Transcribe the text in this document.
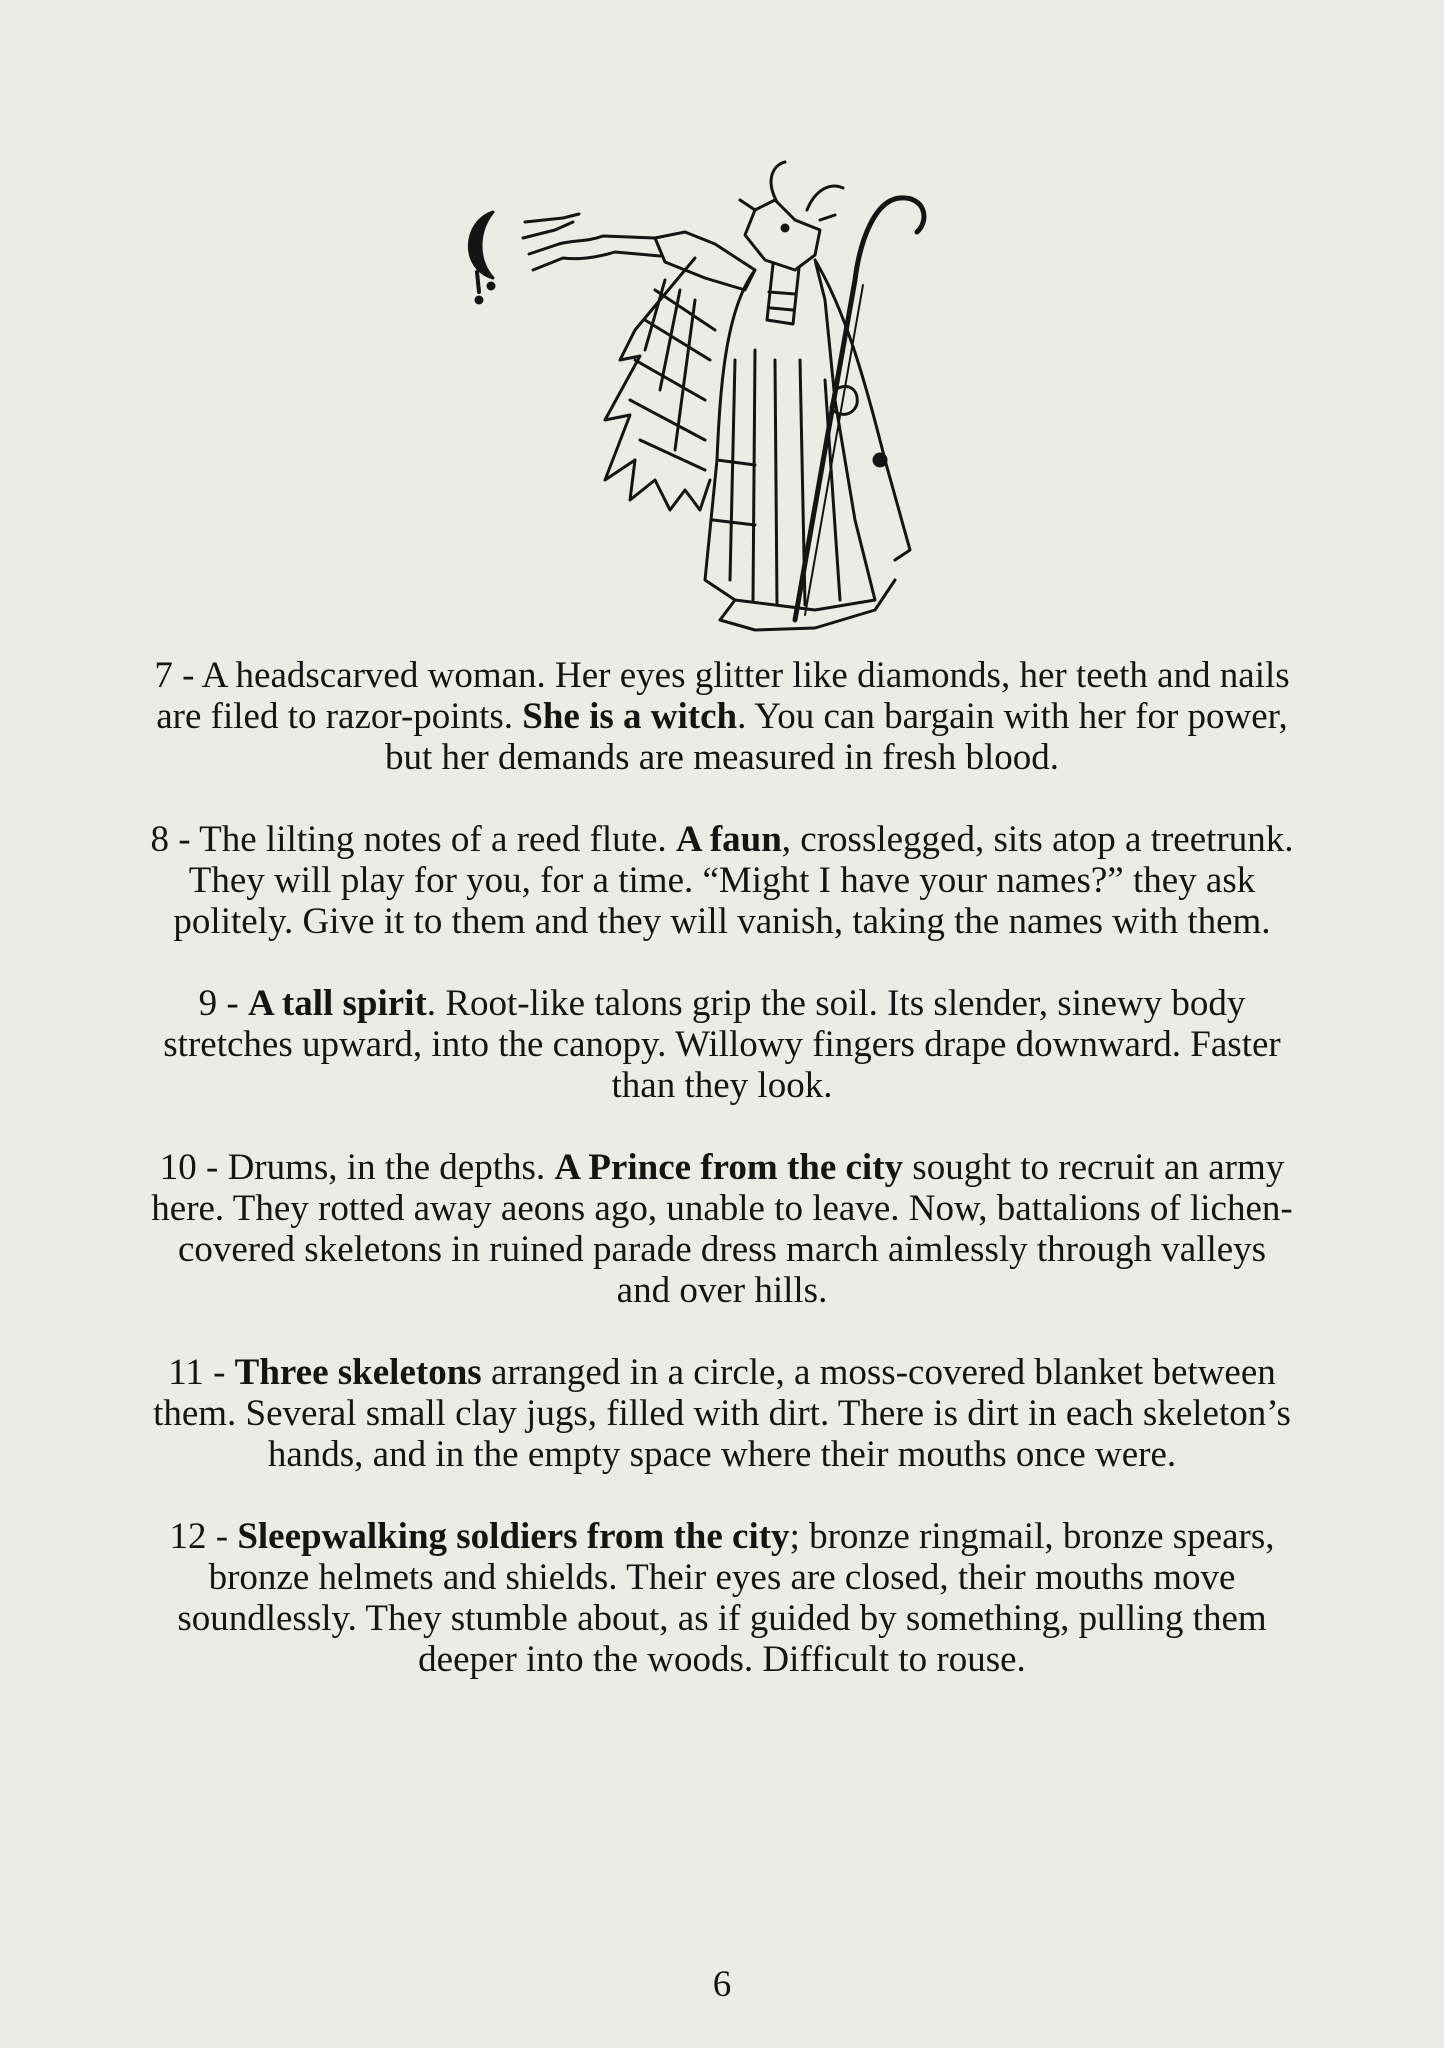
7 - A headscarved woman. Her eyes glitter like diamonds, her teeth and nails are filed to razor-points. She is a witch. You can bargain with her for power, but her demands are measured in fresh blood.

8 - The lilting notes of a reed flute. A faun, crosslegged, sits atop a treetrunk. They will play for you, for a time. “Might I have your names?” they ask politely. Give it to them and they will vanish, taking the names with them.

9 - A tall spirit. Root-like talons grip the soil. Its slender, sinewy body stretches upward, into the canopy. Willowy fingers drape downward. Faster than they look.

10 - Drums, in the depths. A Prince from the city sought to recruit an army here. They rotted away aeons ago, unable to leave. Now, battalions of lichen-covered skeletons in ruined parade dress march aimlessly through valleys and over hills.

11 - Three skeletons arranged in a circle, a moss-covered blanket between them. Several small clay jugs, filled with dirt. There is dirt in each skeleton’s hands, and in the empty space where their mouths once were.

12 - Sleepwalking soldiers from the city; bronze ringmail, bronze spears, bronze helmets and shields. Their eyes are closed, their mouths move soundlessly. They stumble about, as if guided by something, pulling them deeper into the woods. Difficult to rouse.

6
